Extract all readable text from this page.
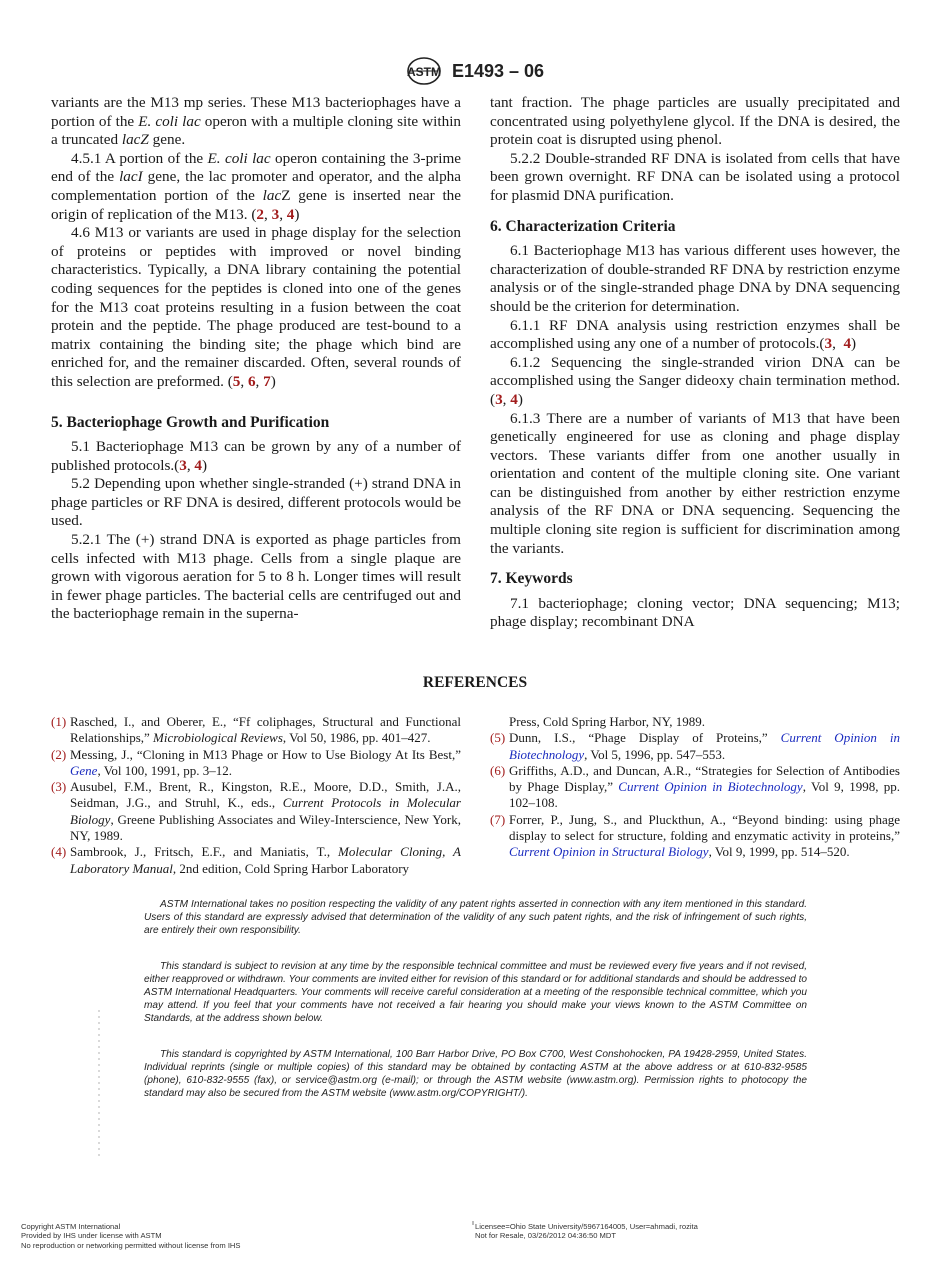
ASTM E1493 – 06

variants are the M13 mp series. These M13 bacteriophages have a portion of the E. coli lac operon with a multiple cloning site within a truncated lacZ gene.

4.5.1 A portion of the E. coli lac operon containing the 3-prime end of the lacI gene, the lac promoter and operator, and the alpha complementation portion of the lacZ gene is inserted near the origin of replication of the M13. (2, 3, 4)

4.6 M13 or variants are used in phage display for the selection of proteins or peptides with improved or novel binding characteristics. Typically, a DNA library containing the potential coding sequences for the peptides is cloned into one of the genes for the M13 coat proteins resulting in a fusion between the coat protein and the peptide. The phage produced are test-bound to a matrix containing the binding site; the phage which bind are enriched for, and the remainer discarded. Often, several rounds of this selection are preformed. (5, 6, 7)

5. Bacteriophage Growth and Purification

5.1 Bacteriophage M13 can be grown by any of a number of published protocols.(3, 4)

5.2 Depending upon whether single-stranded (+) strand DNA in phage particles or RF DNA is desired, different protocols would be used.

5.2.1 The (+) strand DNA is exported as phage particles from cells infected with M13 phage. Cells from a single plaque are grown with vigorous aeration for 5 to 8 h. Longer times will result in fewer phage particles. The bacterial cells are centrifuged out and the bacteriophage remain in the superna-

tant fraction. The phage particles are usually precipitated and concentrated using polyethylene glycol. If the DNA is desired, the protein coat is disrupted using phenol.

5.2.2 Double-stranded RF DNA is isolated from cells that have been grown overnight. RF DNA can be isolated using a protocol for plasmid DNA purification.

6. Characterization Criteria

6.1 Bacteriophage M13 has various different uses however, the characterization of double-stranded RF DNA by restriction enzyme analysis or of the single-stranded phage DNA by DNA sequencing should be the criterion for determination.

6.1.1 RF DNA analysis using restriction enzymes shall be accomplished using any one of a number of protocols.(3,  4)

6.1.2 Sequencing the single-stranded virion DNA can be accomplished using the Sanger dideoxy chain termination method.(3, 4)

6.1.3 There are a number of variants of M13 that have been genetically engineered for use as cloning and phage display vectors. These variants differ from one another usually in orientation and content of the multiple cloning site. One variant can be distinguished from another by either restriction enzyme analysis of the RF DNA or DNA sequencing. Sequencing the multiple cloning site region is sufficient for discrimination among the variants.

7. Keywords

7.1 bacteriophage; cloning vector; DNA sequencing; M13; phage display; recombinant DNA

REFERENCES
(1) Rasched, I., and Oberer, E., “Ff coliphages, Structural and Functional Relationships,” Microbiological Reviews, Vol 50, 1986, pp. 401–427.
(2) Messing, J., “Cloning in M13 Phage or How to Use Biology At Its Best,” Gene, Vol 100, 1991, pp. 3–12.
(3) Ausubel, F.M., Brent, R., Kingston, R.E., Moore, D.D., Smith, J.A., Seidman, J.G., and Struhl, K., eds., Current Protocols in Molecular Biology, Greene Publishing Associates and Wiley-Interscience, New York, NY, 1989.
(4) Sambrook, J., Fritsch, E.F., and Maniatis, T., Molecular Cloning, A Laboratory Manual, 2nd edition, Cold Spring Harbor Laboratory
Press, Cold Spring Harbor, NY, 1989.
(5) Dunn, I.S., “Phage Display of Proteins,” Current Opinion in Biotechnology, Vol 5, 1996, pp. 547–553.
(6) Griffiths, A.D., and Duncan, A.R., “Strategies for Selection of Antibodies by Phage Display,” Current Opinion in Biotechnology, Vol 9, 1998, pp. 102–108.
(7) Forrer, P., Jung, S., and Pluckthun, A., “Beyond binding: using phage display to select for structure, folding and enzymatic activity in proteins,” Current Opinion in Structural Biology, Vol 9, 1999, pp. 514–520.

ASTM International takes no position respecting the validity of any patent rights asserted in connection with any item mentioned in this standard. Users of this standard are expressly advised that determination of the validity of any such patent rights, and the risk of infringement of such rights, are entirely their own responsibility.

This standard is subject to revision at any time by the responsible technical committee and must be reviewed every five years and if not revised, either reapproved or withdrawn. Your comments are invited either for revision of this standard or for additional standards and should be addressed to ASTM International Headquarters. Your comments will receive careful consideration at a meeting of the responsible technical committee, which you may attend. If you feel that your comments have not received a fair hearing you should make your views known to the ASTM Committee on Standards, at the address shown below.

This standard is copyrighted by ASTM International, 100 Barr Harbor Drive, PO Box C700, West Conshohocken, PA 19428-2959, United States. Individual reprints (single or multiple copies) of this standard may be obtained by contacting ASTM at the above address or at 610-832-9585 (phone), 610-832-9555 (fax), or service@astm.org (e-mail); or through the ASTM website (www.astm.org). Permission rights to photocopy the standard may also be secured from the ASTM website (www.astm.org/COPYRIGHT/).

Copyright ASTM International
Provided by IHS under license with ASTM
No reproduction or networking permitted without license from IHS
Licensee=Ohio State University/5967164005, User=ahmadi, rozita
Not for Resale, 03/26/2012 04:36:50 MDT
